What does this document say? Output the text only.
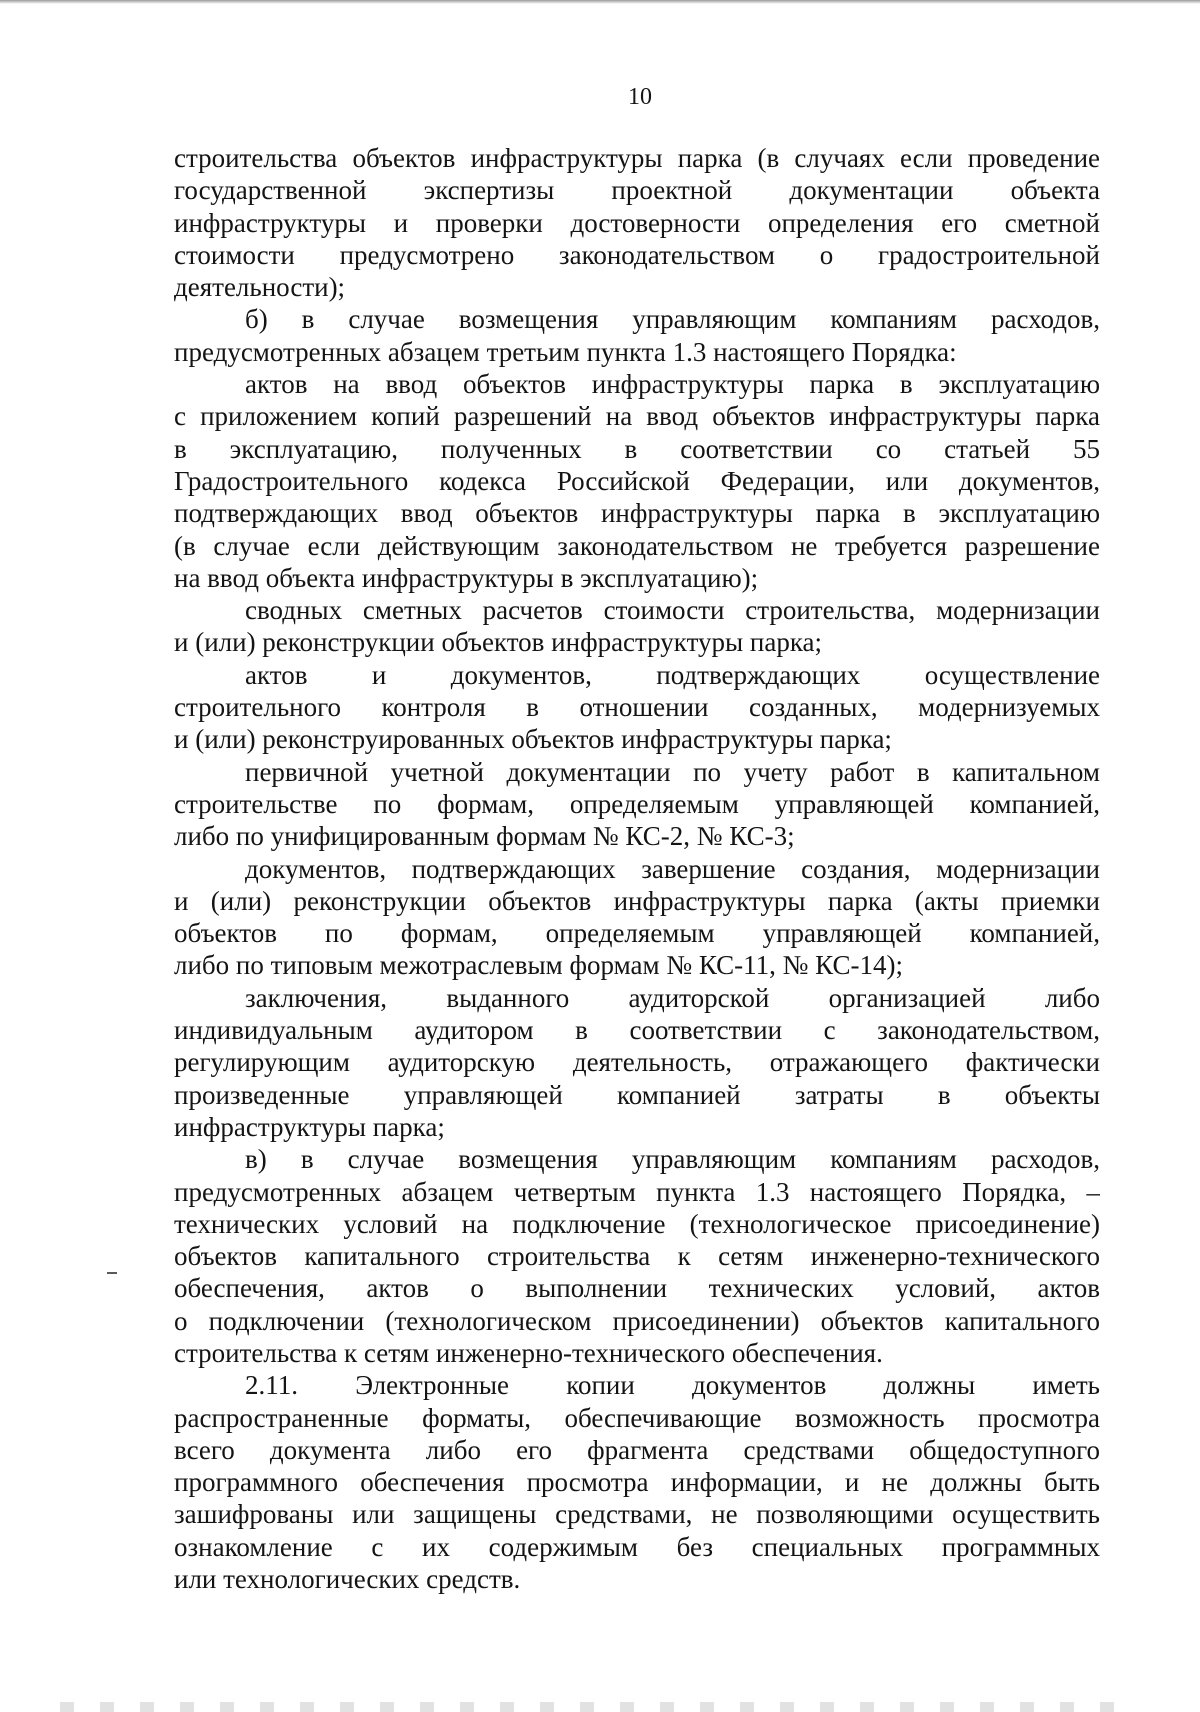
10
строительства объектов инфраструктуры парка (в случаях если проведение
государственной экспертизы проектной документации объекта
инфраструктуры и проверки достоверности определения его сметной
стоимости предусмотрено законодательством о градостроительной
деятельности);
б) в случае возмещения управляющим компаниям расходов,
предусмотренных абзацем третьим пункта 1.3 настоящего Порядка:
актов на ввод объектов инфраструктуры парка в эксплуатацию
с приложением копий разрешений на ввод объектов инфраструктуры парка
в эксплуатацию, полученных в соответствии со статьей 55
Градостроительного кодекса Российской Федерации, или документов,
подтверждающих ввод объектов инфраструктуры парка в эксплуатацию
(в случае если действующим законодательством не требуется разрешение
на ввод объекта инфраструктуры в эксплуатацию);
сводных сметных расчетов стоимости строительства, модернизации
и (или) реконструкции объектов инфраструктуры парка;
актов и документов, подтверждающих осуществление
строительного контроля в отношении созданных, модернизуемых
и (или) реконструированных объектов инфраструктуры парка;
первичной учетной документации по учету работ в капитальном
строительстве по формам, определяемым управляющей компанией,
либо по унифицированным формам № КС-2, № КС-3;
документов, подтверждающих завершение создания, модернизации
и (или) реконструкции объектов инфраструктуры парка (акты приемки
объектов по формам, определяемым управляющей компанией,
либо по типовым межотраслевым формам № КС-11, № КС-14);
заключения, выданного аудиторской организацией либо
индивидуальным аудитором в соответствии с законодательством,
регулирующим аудиторскую деятельность, отражающего фактически
произведенные управляющей компанией затраты в объекты
инфраструктуры парка;
в) в случае возмещения управляющим компаниям расходов,
предусмотренных абзацем четвертым пункта 1.3 настоящего Порядка, –
технических условий на подключение (технологическое присоединение)
объектов капитального строительства к сетям инженерно-технического
обеспечения, актов о выполнении технических условий, актов
о подключении (технологическом присоединении) объектов капитального
строительства к сетям инженерно-технического обеспечения.
2.11. Электронные копии документов должны иметь
распространенные форматы, обеспечивающие возможность просмотра
всего документа либо его фрагмента средствами общедоступного
программного обеспечения просмотра информации, и не должны быть
зашифрованы или защищены средствами, не позволяющими осуществить
ознакомление с их содержимым без специальных программных
или технологических средств.
